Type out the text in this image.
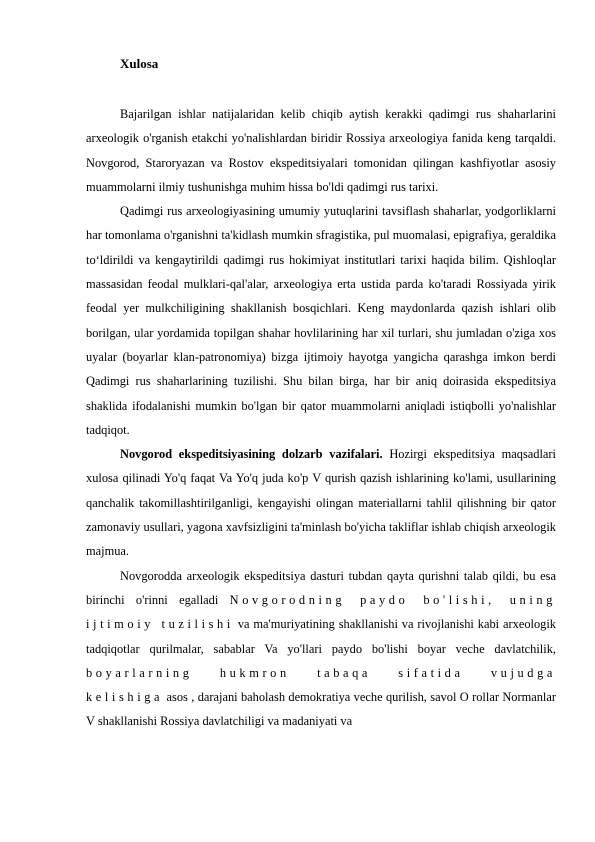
Xulosa

Bajarilgan ishlar natijalaridan kelib chiqib aytish kerakki qadimgi rus shaharlarini arxeologik o'rganish etakchi yo'nalishlardan biridir Rossiya arxeologiya fanida keng tarqaldi. Novgorod, Staroryazan va Rostov ekspeditsiyalari tomonidan qilingan kashfiyotlar asosiy muammolarni ilmiy tushunishga muhim hissa bo'ldi qadimgi rus tarixi.

Qadimgi rus arxeologiyasining umumiy yutuqlarini tavsiflash shaharlar, yodgorliklarni har tomonlama o'rganishni ta'kidlash mumkin sfragistika, pul muomalasi, epigrafiya, geraldika to‘ldirildi va kengaytirildi qadimgi rus hokimiyat institutlari tarixi haqida bilim. Qishloqlar massasidan feodal mulklari-qal'alar, arxeologiya erta ustida parda ko'taradi Rossiyada yirik feodal yer mulkchiligining shakllanish bosqichlari. Keng maydonlarda qazish ishlari olib borilgan, ular yordamida topilgan shahar hovlilarining har xil turlari, shu jumladan o'ziga xos uyalar (boyarlar klan-patronomiya) bizga ijtimoiy hayotga yangicha qarashga imkon berdi Qadimgi rus shaharlarining tuzilishi. Shu bilan birga, har bir aniq doirasida ekspeditsiya shaklida ifodalanishi mumkin bo'lgan bir qator muammolarni aniqladi istiqbolli yo'nalishlar tadqiqot.

Novgorod ekspeditsiyasining dolzarb vazifalari. Hozirgi ekspeditsiya maqsadlari xulosa qilinadi Yo'q faqat Va Yo'q juda ko'p V qurish qazish ishlarining ko'lami, usullarining qanchalik takomillashtirilganligi, kengayishi olingan materiallarni tahlil qilishning bir qator zamonaviy usullari, yagona xavfsizligini ta'minlash bo'yicha takliflar ishlab chiqish arxeologik majmua.

Novgorodda arxeologik ekspeditsiya dasturi tubdan qayta qurishni talab qildi, bu esa birinchi o'rinni egalladi Novgorodning paydo bo'lishi, uning ijtimoiy tuzilishi va ma'muriyatining shakllanishi va rivojlanishi kabi arxeologik tadqiqotlar qurilmalar, sabablar Va yo'llari paydo bo'lishi boyar veche davlatchilik, boyarlarning hukmron tabaqa sifatida vujudga kelishiga asos , darajani baholash demokratiya veche qurilish, savol O rollar Normanlar V shakllanishi Rossiya davlatchiligi va madaniyati va
